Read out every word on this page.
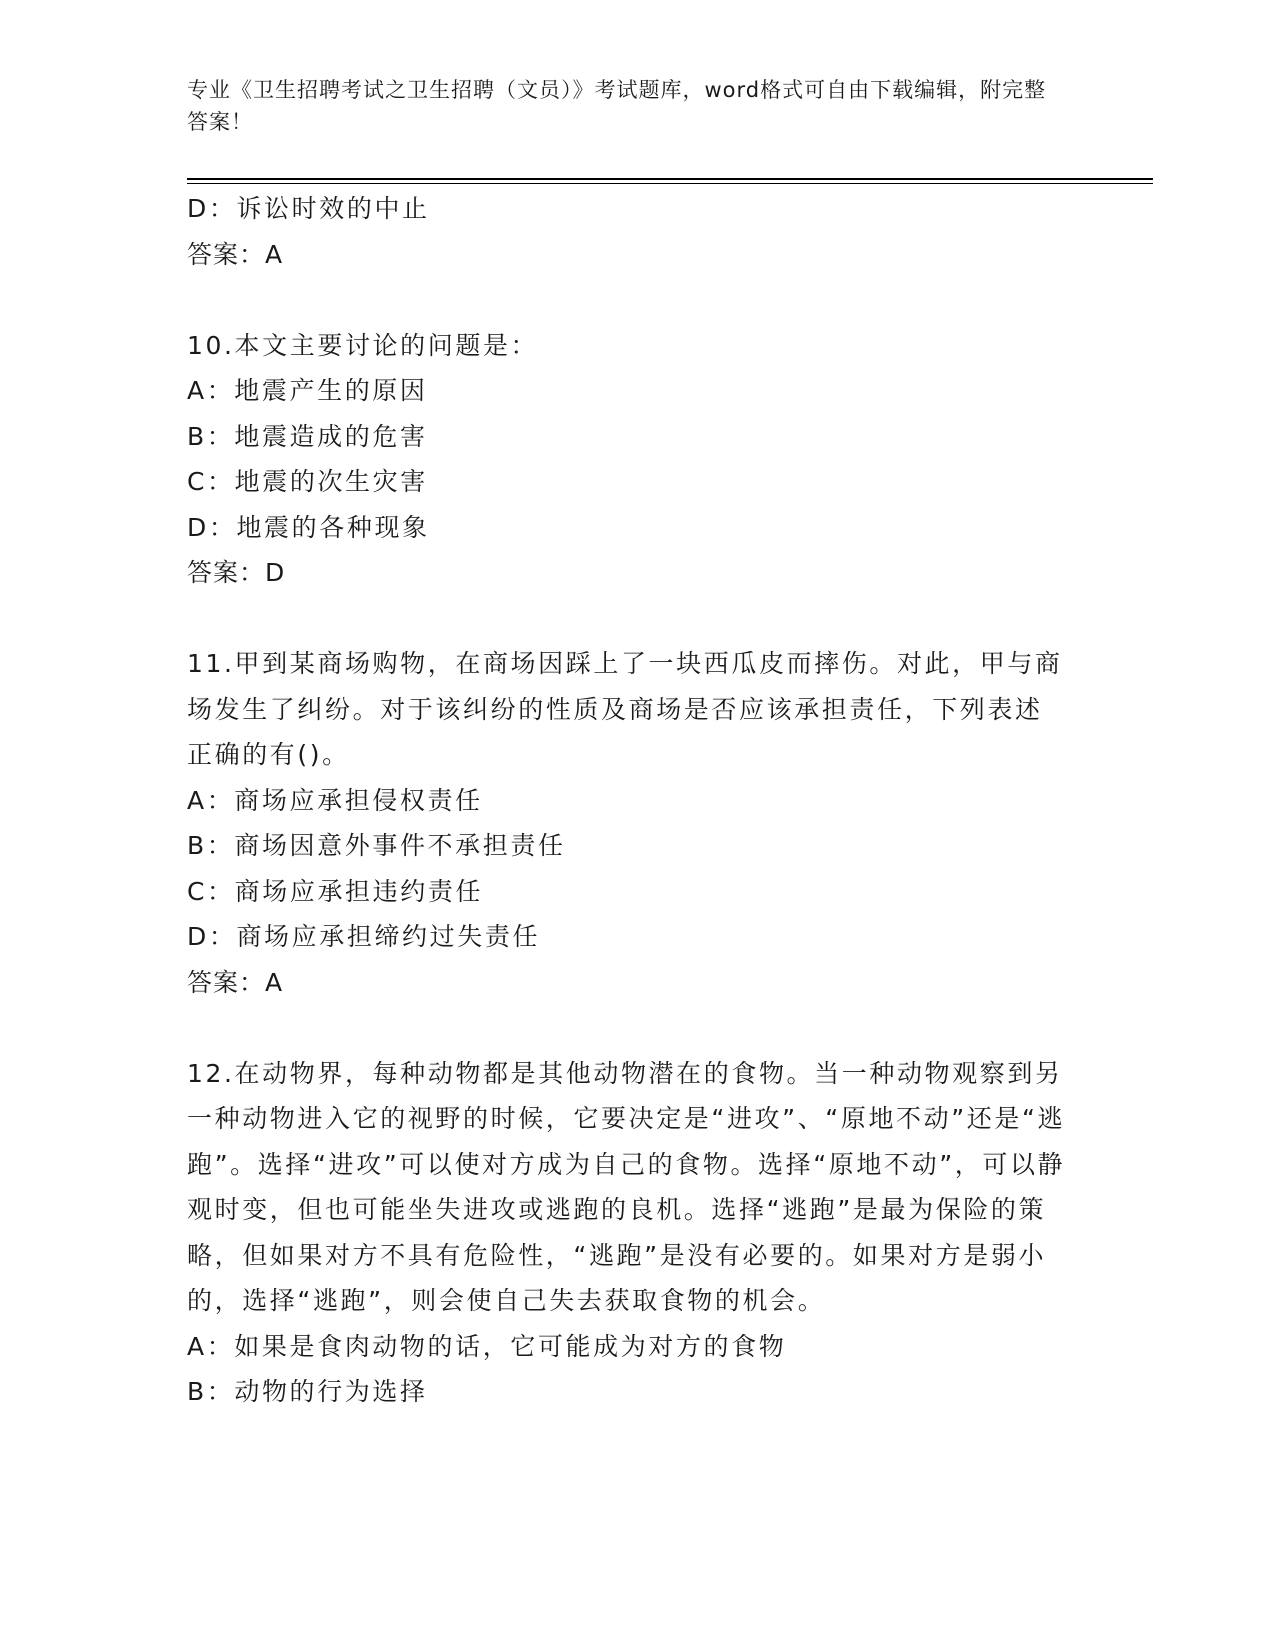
专业《卫生招聘考试之卫生招聘（文员）》考试题库，word格式可自由下载编辑，附完整答案！
D：诉讼时效的中止
答案：A
10.本文主要讨论的问题是：
A：地震产生的原因
B：地震造成的危害
C：地震的次生灾害
D：地震的各种现象
答案：D
11.甲到某商场购物，在商场因踩上了一块西瓜皮而摔伤。对此，甲与商场发生了纠纷。对于该纠纷的性质及商场是否应该承担责任，下列表述正确的有()。
A：商场应承担侵权责任
B：商场因意外事件不承担责任
C：商场应承担违约责任
D：商场应承担缔约过失责任
答案：A
12.在动物界，每种动物都是其他动物潜在的食物。当一种动物观察到另一种动物进入它的视野的时候，它要决定是“进攻”、“原地不动”还是“逃跑”。选择“进攻”可以使对方成为自己的食物。选择“原地不动”，可以静观时变，但也可能坐失进攻或逃跑的良机。选择“逃跑”是最为保险的策略，但如果对方不具有危险性，“逃跑”是没有必要的。如果对方是弱小的，选择“逃跑”，则会使自己失去获取食物的机会。
A：如果是食肉动物的话，它可能成为对方的食物
B：动物的行为选择
